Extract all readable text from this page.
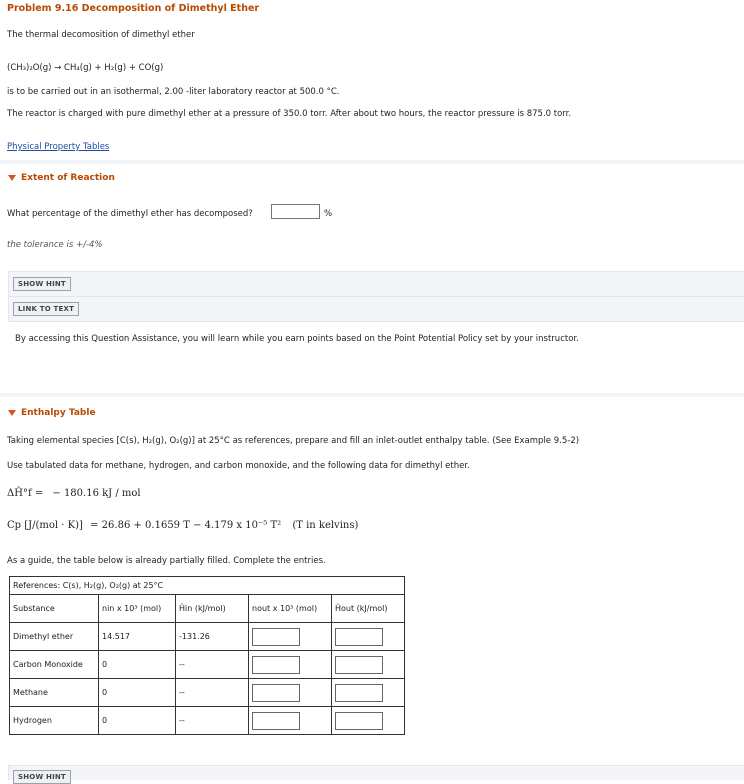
Problem 9.16 Decomposition of Dimethyl Ether
The thermal decomosition of dimethyl ether
(CH₃)₂O(g) → CH₄(g) + H₂(g) + CO(g)
is to be carried out in an isothermal, 2.00 -liter laboratory reactor at 500.0 °C.
The reactor is charged with pure dimethyl ether at a pressure of 350.0 torr. After about two hours, the reactor pressure is 875.0 torr.
Physical Property Tables
Extent of Reaction
What percentage of the dimethyl ether has decomposed?	%
the tolerance is +/-4%
SHOW HINT
LINK TO TEXT
By accessing this Question Assistance, you will learn while you earn points based on the Point Potential Policy set by your instructor.
Enthalpy Table
Taking elemental species [C(s), H₂(g), O₂(g)] at 25°C as references, prepare and fill an inlet-outlet enthalpy table. (See Example 9.5-2)
Use tabulated data for methane, hydrogen, and carbon monoxide, and the following data for dimethyl ether.
ΔĤ°f = − 180.16 kJ / mol
Cp [J/(mol · K)] = 26.86 + 0.1659 T − 4.179 x 10⁻⁵ T² (T in kelvins)
As a guide, the table below is already partially filled. Complete the entries.
References: C(s), H₂(g), O₂(g) at 25°C				
Substance	nin x 10³ (mol)	Ĥin (kJ/mol)	nout x 10³ (mol)	Ĥout (kJ/mol)
Dimethyl ether	14.517	-131.26		
Carbon Monoxide	0	--		
Methane	0	--		
Hydrogen	0	--		
SHOW HINT
